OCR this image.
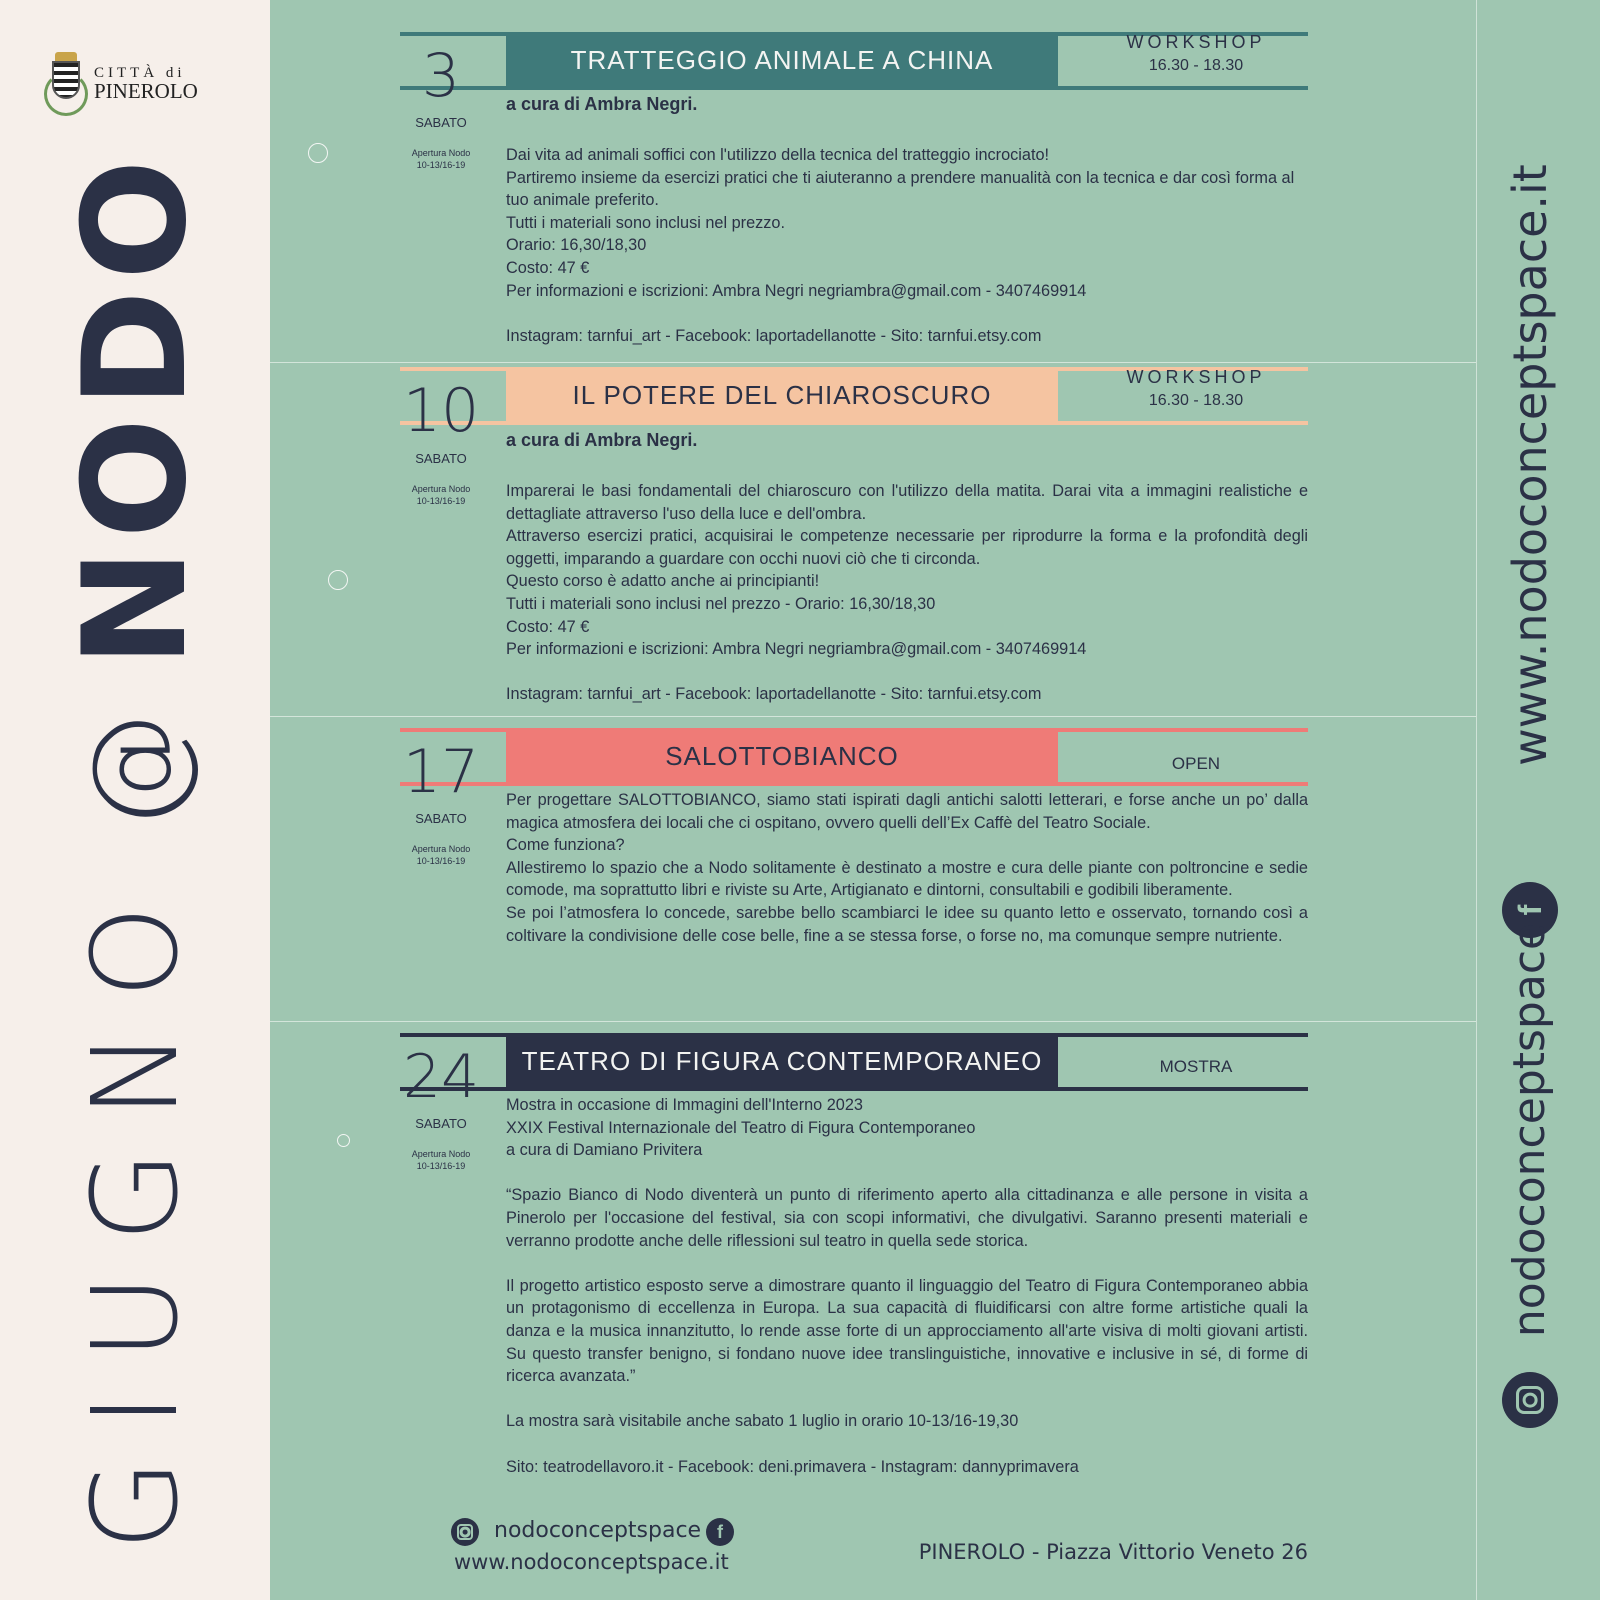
CITTÀ di
PINEROLO
GIUGNO
@
NODO	www.nodoconceptspace.it
f
nodoconceptspace
TRATTEGGIO ANIMALE A CHINA
3
SABATO
Apertura Nodo
10-13/16-19
WORKSHOP
16.30 - 18.30
a cura di Ambra Negri.

Dai vita ad animali soffici con l'utilizzo della tecnica del tratteggio incrociato!

Partiremo insieme da esercizi pratici che ti aiuteranno a prendere manualità con la tecnica e dar così forma al tuo animale preferito.

Tutti i materiali sono inclusi nel prezzo.

Orario: 16,30/18,30

Costo: 47 €

Per informazioni e iscrizioni: Ambra Negri negriambra@gmail.com - 3407469914

Instagram: tarnfui_art - Facebook: laportadellanotte - Sito: tarnfui.etsy.com

IL POTERE DEL CHIAROSCURO
10
SABATO
Apertura Nodo
10-13/16-19
WORKSHOP
16.30 - 18.30
a cura di Ambra Negri.

Imparerai le basi fondamentali del chiaroscuro con l'utilizzo della matita. Darai vita a immagini realistiche e dettagliate attraverso l'uso della luce e dell'ombra.

Attraverso esercizi pratici, acquisirai le competenze necessarie per riprodurre la forma e la profondità degli oggetti, imparando a guardare con occhi nuovi ciò che ti circonda.

Questo corso è adatto anche ai principianti!

Tutti i materiali sono inclusi nel prezzo - Orario: 16,30/18,30

Costo: 47 €

Per informazioni e iscrizioni: Ambra Negri negriambra@gmail.com - 3407469914

Instagram: tarnfui_art - Facebook: laportadellanotte - Sito: tarnfui.etsy.com

SALOTTOBIANCO
17
SABATO
Apertura Nodo
10-13/16-19
OPEN

Per progettare SALOTTOBIANCO, siamo stati ispirati dagli antichi salotti letterari, e forse anche un po’ dalla magica atmosfera dei locali che ci ospitano, ovvero quelli dell’Ex Caffè del Teatro Sociale.

Come funziona?

Allestiremo lo spazio che a Nodo solitamente è destinato a mostre e cura delle piante con poltroncine e sedie comode, ma soprattutto libri e riviste su Arte, Artigianato e dintorni, consultabili e godibili liberamente.

Se poi l’atmosfera lo concede, sarebbe bello scambiarci le idee su quanto letto e osservato, tornando così a coltivare la condivisione delle cose belle, fine a se stessa forse, o forse no, ma comunque sempre nutriente.

TEATRO DI FIGURA CONTEMPORANEO
24
SABATO
Apertura Nodo
10-13/16-19
MOSTRA

Mostra in occasione di Immagini dell'Interno 2023

XXIX Festival Internazionale del Teatro di Figura Contemporaneo

a cura di Damiano Privitera

“Spazio Bianco di Nodo diventerà un punto di riferimento aperto alla cittadinanza e alle persone in visita a Pinerolo per l'occasione del festival, sia con scopi informativi, che divulgativi. Saranno presenti materiali e verranno prodotte anche delle riflessioni sul teatro in quella sede storica.

Il progetto artistico esposto serve a dimostrare quanto il linguaggio del Teatro di Figura Contemporaneo abbia un protagonismo di eccellenza in Europa. La sua capacità di fluidificarsi con altre forme artistiche quali la danza e la musica innanzitutto, lo rende asse forte di un approcciamento all'arte visiva di molti giovani artisti. Su questo transfer benigno, si fondano nuove idee translinguistiche, innovative e inclusive in sé, di forme di ricerca avanzata.”

La mostra sarà visitabile anche sabato 1 luglio in orario 10-13/16-19,30

Sito: teatrodellavoro.it - Facebook: deni.primavera - Instagram: dannyprimavera

nodoconceptspace f
www.nodoconceptspace.it	PINEROLO - Piazza Vittorio Veneto 26
